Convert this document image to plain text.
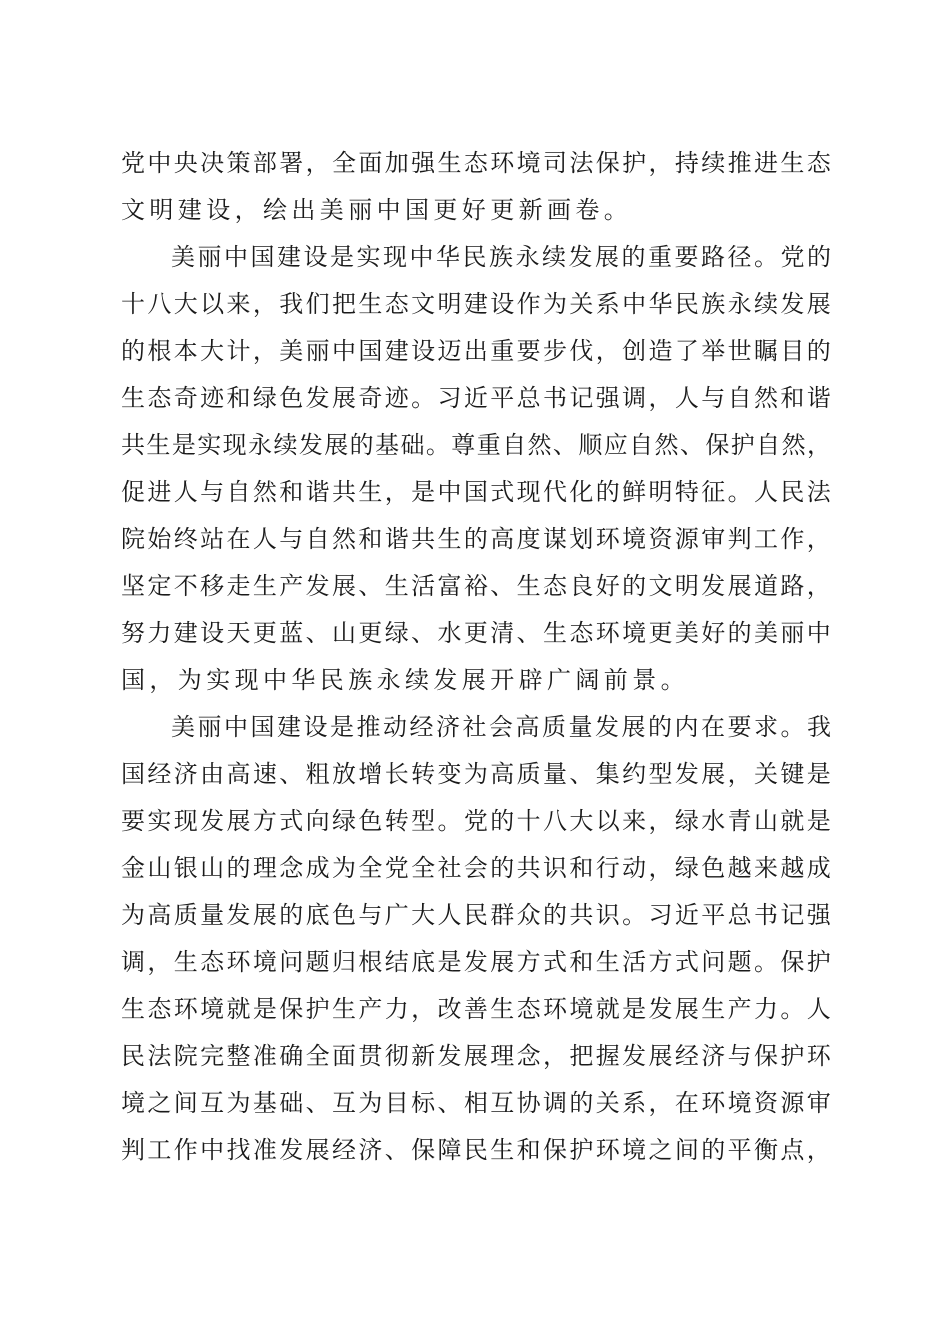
党 中 央 决 策 部 署 ， 全 面 加 强 生 态 环 境 司 法 保 护 ， 持 续 推 进 生 态
文明建设，绘出美丽中国更好更新画卷。
美 丽 中 国 建 设 是 实 现 中 华 民 族 永 续 发 展 的 重 要 路 径 。 党 的
十 八 大 以 来 ， 我 们 把 生 态 文 明 建 设 作 为 关 系 中 华 民 族 永 续 发 展
的 根 本 大 计 ， 美 丽 中 国 建 设 迈 出 重 要 步 伐 ， 创 造 了 举 世 瞩 目 的
生 态 奇 迹 和 绿 色 发 展 奇 迹 。 习 近 平 总 书 记 强 调 ， 人 与 自 然 和 谐
共 生 是 实 现 永 续 发 展 的 基 础 。 尊 重 自 然 、 顺 应 自 然 、 保 护 自 然 ，
促 进 人 与 自 然 和 谐 共 生 ， 是 中 国 式 现 代 化 的 鲜 明 特 征 。 人 民 法
院 始 终 站 在 人 与 自 然 和 谐 共 生 的 高 度 谋 划 环 境 资 源 审 判 工 作 ，
坚 定 不 移 走 生 产 发 展 、 生 活 富 裕 、 生 态 良 好 的 文 明 发 展 道 路 ，
努 力 建 设 天 更 蓝 、 山 更 绿 、 水 更 清 、 生 态 环 境 更 美 好 的 美 丽 中
国，为实现中华民族永续发展开辟广阔前景。
美 丽 中 国 建 设 是 推 动 经 济 社 会 高 质 量 发 展 的 内 在 要 求 。 我
国 经 济 由 高 速 、 粗 放 增 长 转 变 为 高 质 量 、 集 约 型 发 展 ， 关 键 是
要 实 现 发 展 方 式 向 绿 色 转 型 。 党 的 十 八 大 以 来 ， 绿 水 青 山 就 是
金 山 银 山 的 理 念 成 为 全 党 全 社 会 的 共 识 和 行 动 ， 绿 色 越 来 越 成
为 高 质 量 发 展 的 底 色 与 广 大 人 民 群 众 的 共 识 。 习 近 平 总 书 记 强
调 ， 生 态 环 境 问 题 归 根 结 底 是 发 展 方 式 和 生 活 方 式 问 题 。 保 护
生 态 环 境 就 是 保 护 生 产 力 ， 改 善 生 态 环 境 就 是 发 展 生 产 力 。 人
民 法 院 完 整 准 确 全 面 贯 彻 新 发 展 理 念 ， 把 握 发 展 经 济 与 保 护 环
境 之 间 互 为 基 础 、 互 为 目 标 、 相 互 协 调 的 关 系 ， 在 环 境 资 源 审
判 工 作 中 找 准 发 展 经 济 、 保 障 民 生 和 保 护 环 境 之 间 的 平 衡 点 ，
